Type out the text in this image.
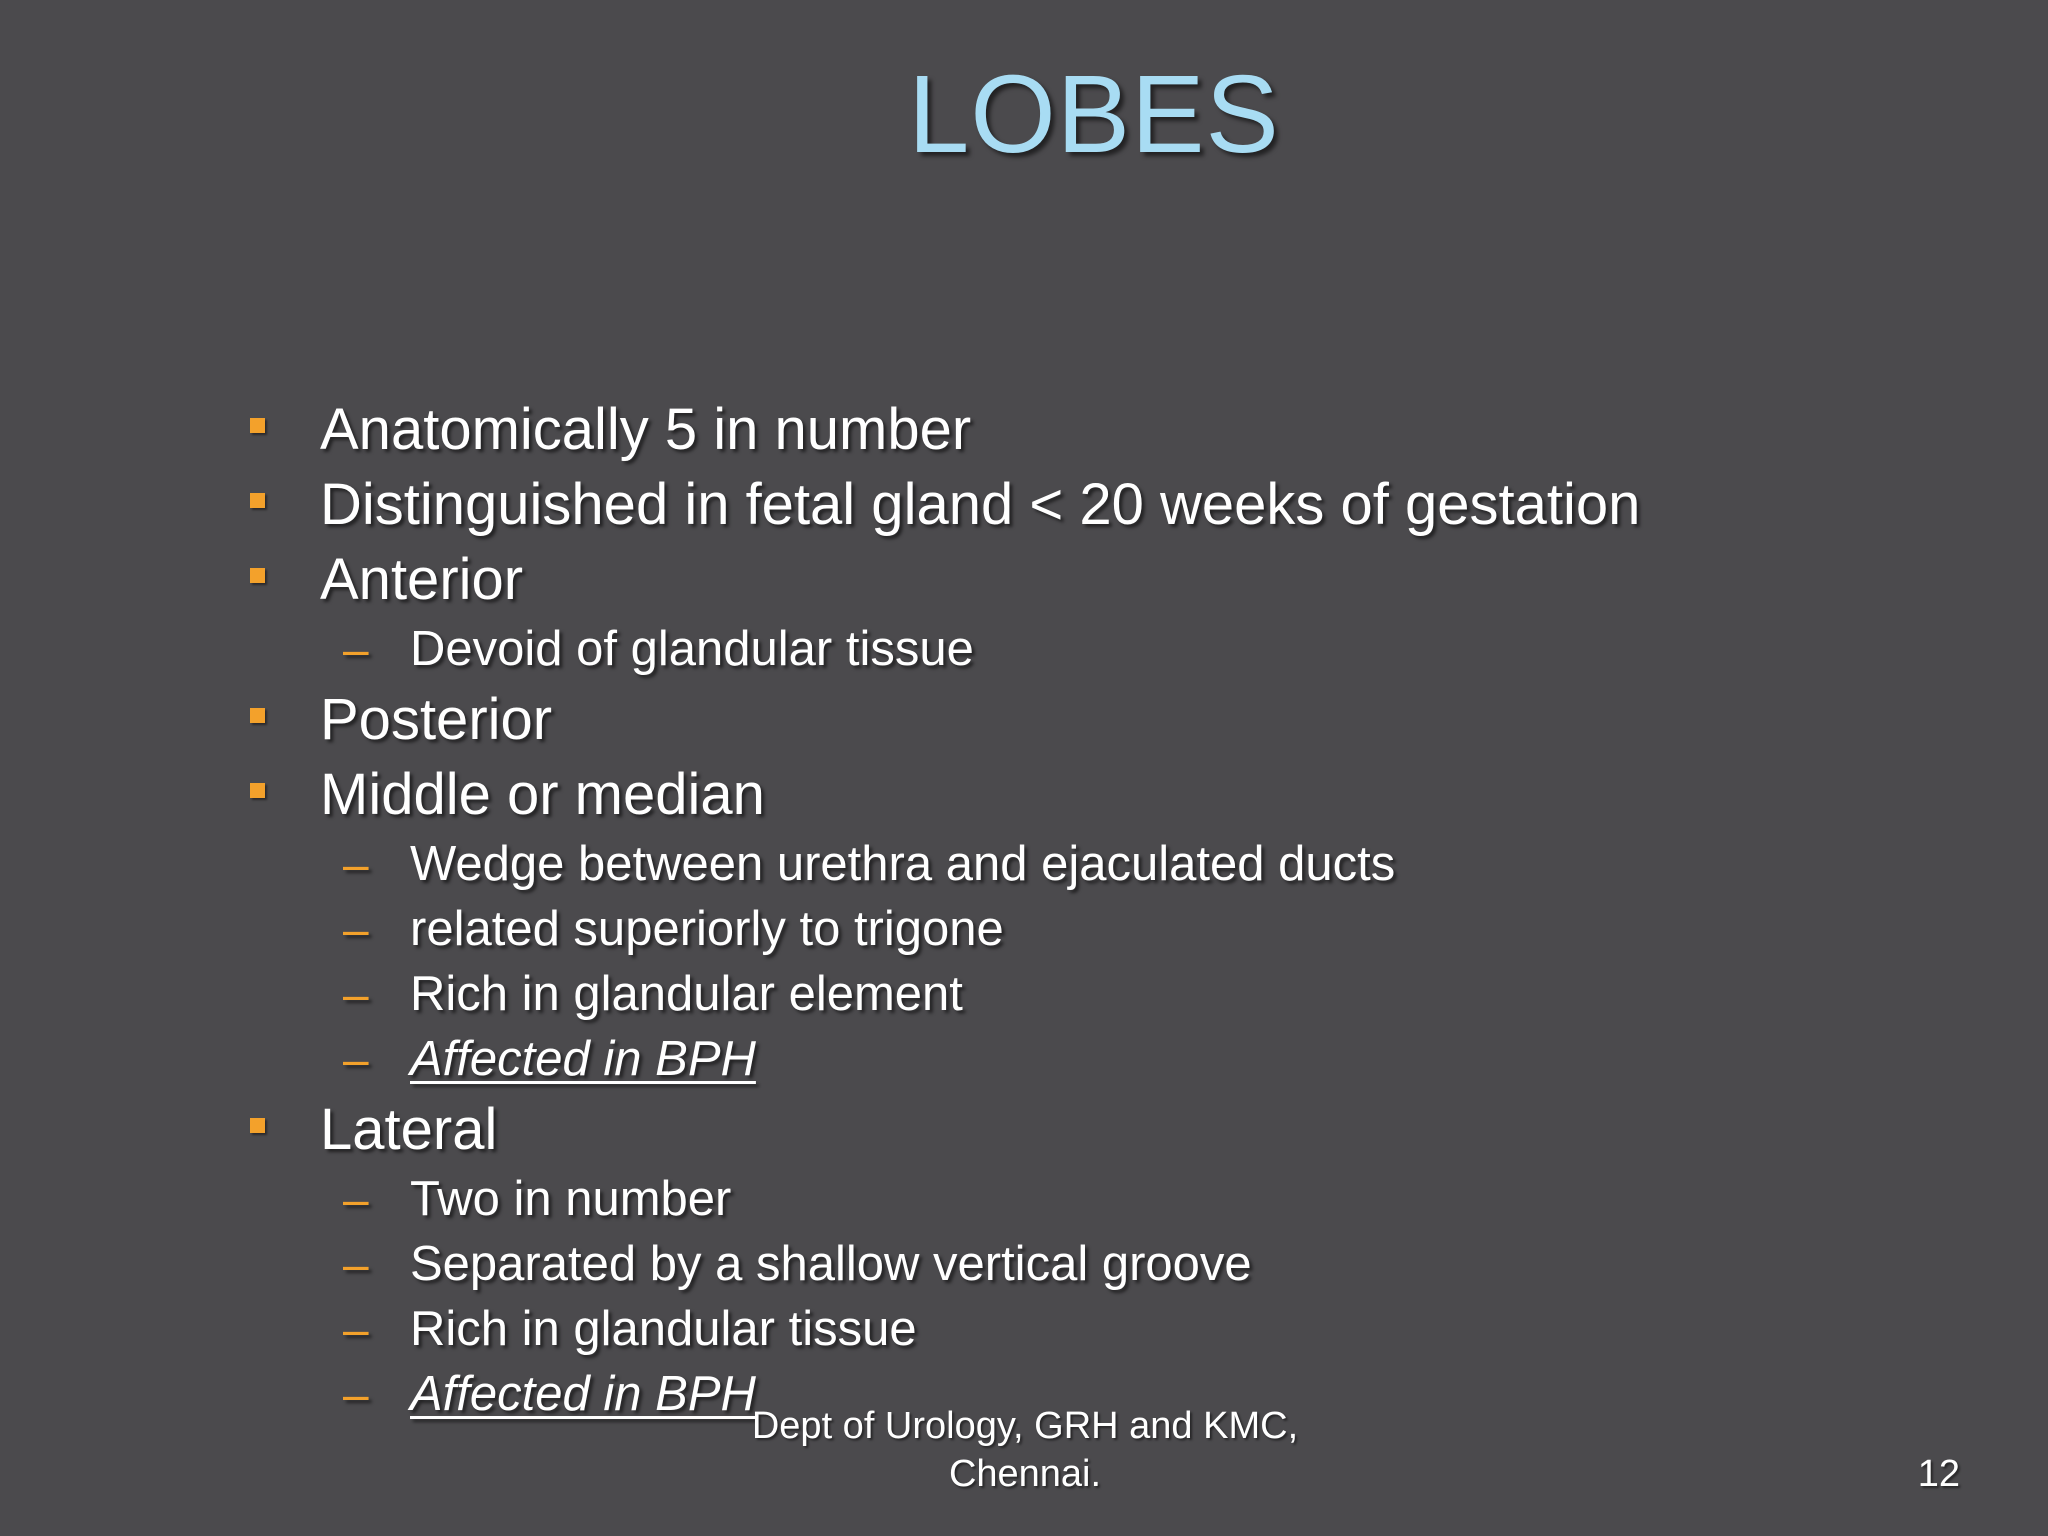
LOBES
Anatomically 5 in number
Distinguished in fetal gland < 20 weeks of gestation
Anterior
– Devoid of glandular tissue
Posterior
Middle or median
– Wedge between urethra and ejaculated ducts
– related superiorly to trigone
– Rich in glandular element
– Affected in BPH
Lateral
– Two in number
– Separated by a shallow vertical groove
– Rich in glandular tissue
– Affected in BPH
Dept of Urology, GRH and KMC,
Chennai.	12
